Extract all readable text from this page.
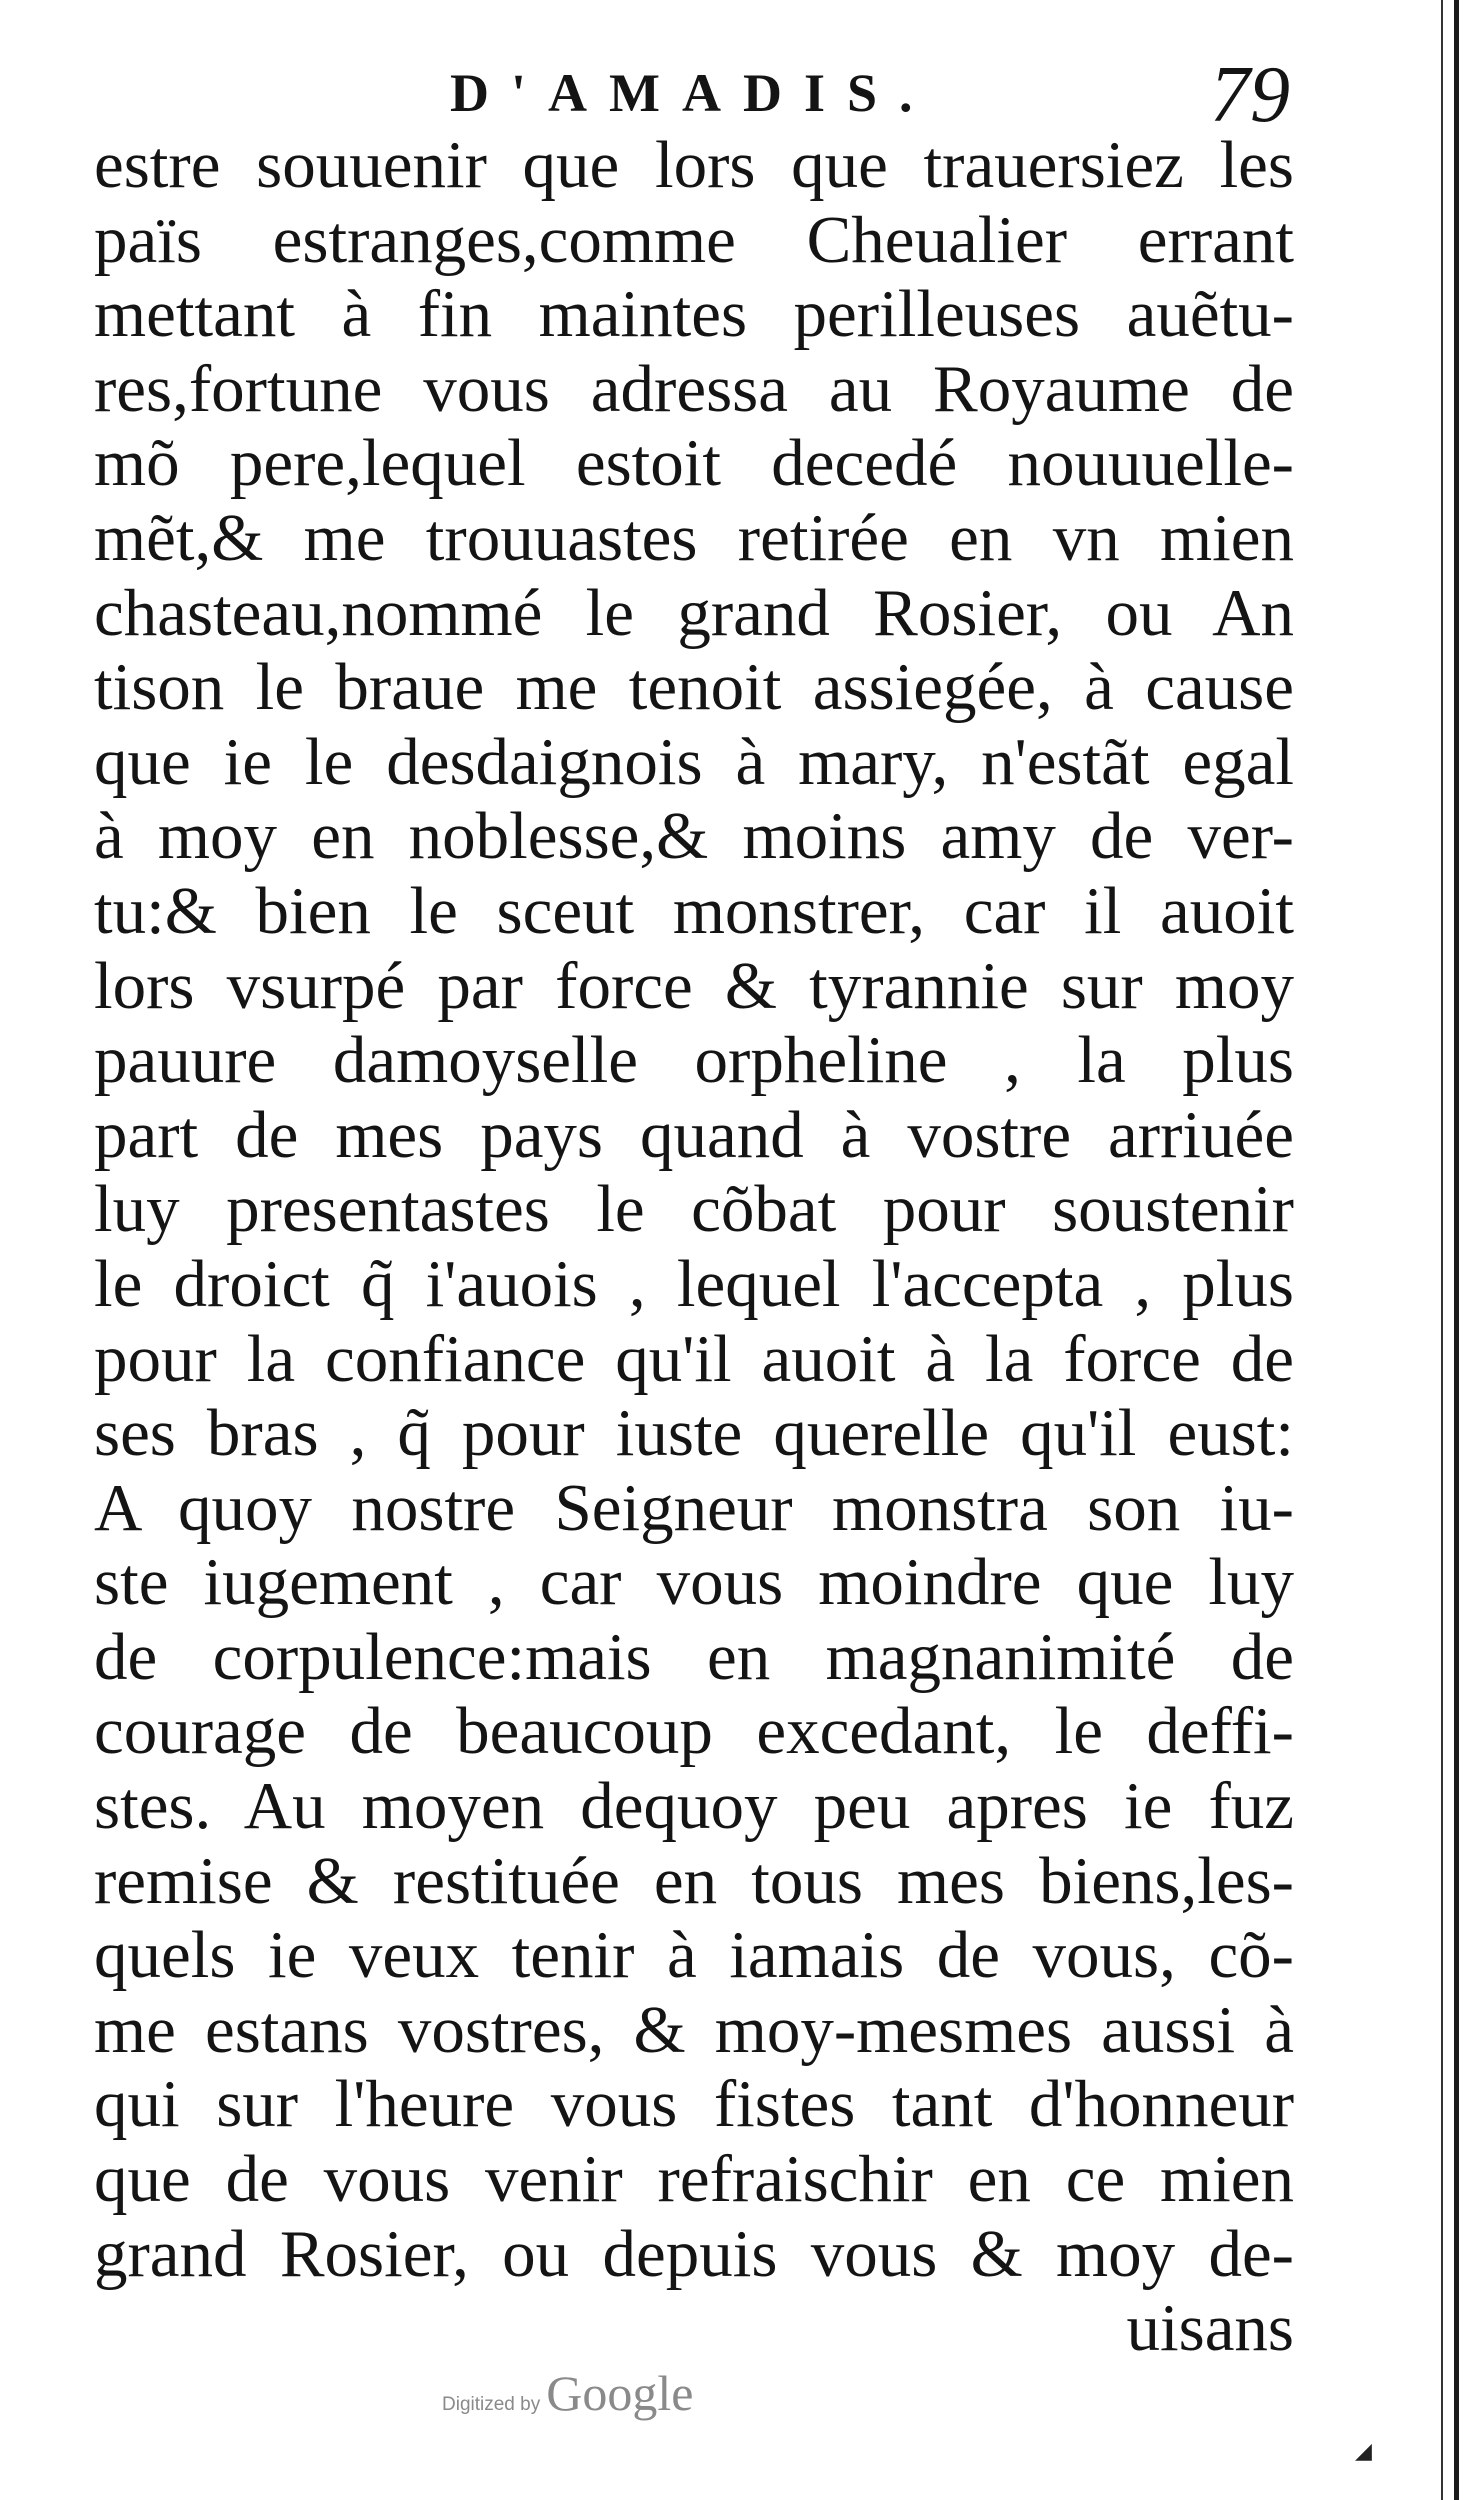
D'AMADIS.	79
estre souuenir que lors que trauersiez les
païs estranges,comme Cheualier errant
mettant à fin maintes perilleuses auẽtu-
res,fortune vous adressa au Royaume de
mõ pere,lequel estoit decedé nouuuelle-
mẽt,& me trouuastes retirée en vn mien
chasteau,nommé le grand Rosier, ou An
tison le braue me tenoit assiegée, à cause
que ie le desdaignois à mary, n'estãt egal
à moy en noblesse,& moins amy de ver-
tu:& bien le sceut monstrer, car il auoit
lors vsurpé par force & tyrannie sur moy
pauure damoyselle orpheline , la plus
part de mes pays quand à vostre arriuée
luy presentastes le cõbat pour soustenir
le droict q̃ i'auois , lequel l'accepta , plus
pour la confiance qu'il auoit à la force de
ses bras , q̃ pour iuste querelle qu'il eust:
A quoy nostre Seigneur monstra son iu-
ste iugement , car vous moindre que luy
de corpulence:mais en magnanimité de
courage de beaucoup excedant, le deffi-
stes. Au moyen dequoy peu apres ie fuz
remise & restituée en tous mes biens,les-
quels ie veux tenir à iamais de vous, cõ-
me estans vostres, & moy-mesmes aussi à
qui sur l'heure vous fistes tant d'honneur
que de vous venir refraischir en ce mien
grand Rosier, ou depuis vous & moy de-
uisans
Digitized by Google
◢
